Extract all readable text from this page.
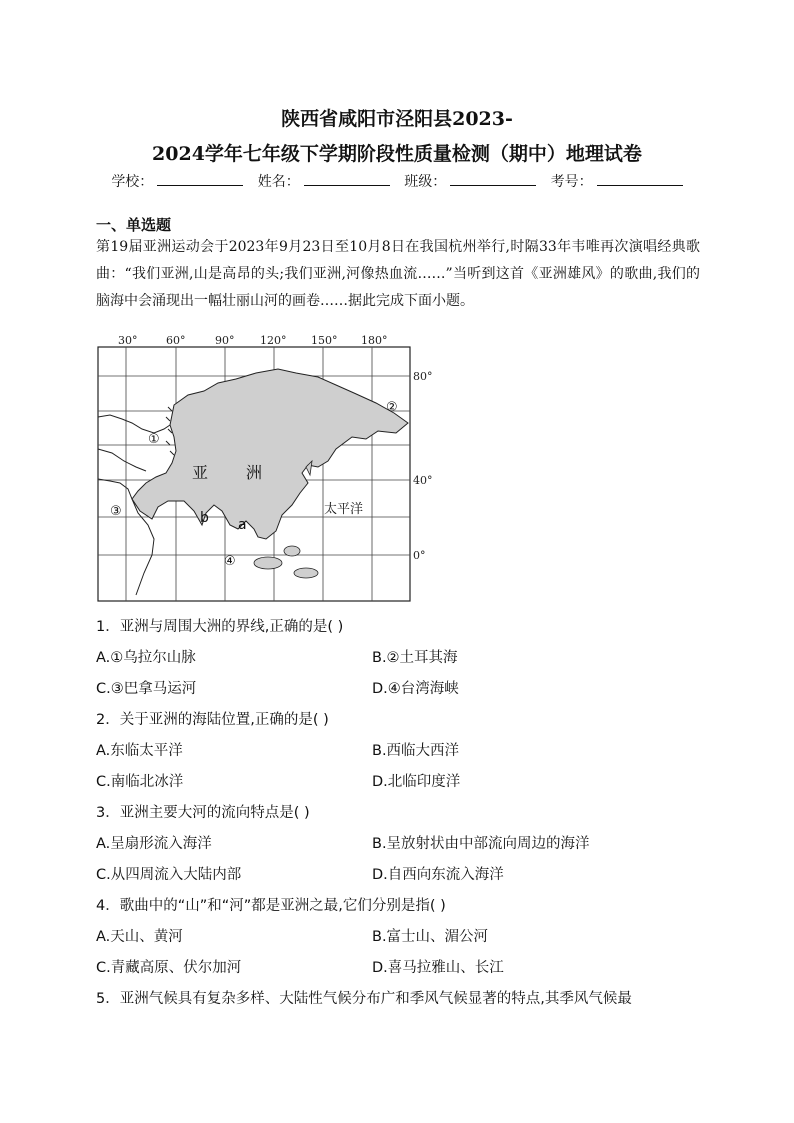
陕西省咸阳市泾阳县2023-
2024学年七年级下学期阶段性质量检测（期中）地理试卷
学校：	姓名：	班级：	考号：
一、单选题
第19届亚洲运动会于2023年9月23日至10月8日在我国杭州举行,时隔33年韦唯再次演唱经典歌曲：“我们亚洲,山是高昂的头;我们亚洲,河像热血流……”当听到这首《亚洲雄风》的歌曲,我们的脑海中会涌现出一幅壮丽山河的画卷……据此完成下面小题。
30°	60°	90° 120° 150° 180°
80°
40°
0°
亚 洲
太平洋
①
②
③
④
a
b
1．亚洲与周围大洲的界线,正确的是( )
A.①乌拉尔山脉	B.②土耳其海
C.③巴拿马运河	D.④台湾海峡
2．关于亚洲的海陆位置,正确的是( )
A.东临太平洋	B.西临大西洋
C.南临北冰洋	D.北临印度洋
3．亚洲主要大河的流向特点是( )
A.呈扇形流入海洋	B.呈放射状由中部流向周边的海洋
C.从四周流入大陆内部	D.自西向东流入海洋
4．歌曲中的“山”和“河”都是亚洲之最,它们分别是指( )
A.天山、黄河	B.富士山、湄公河
C.青藏高原、伏尔加河	D.喜马拉雅山、长江
5．亚洲气候具有复杂多样、大陆性气候分布广和季风气候显著的特点,其季风气候最
